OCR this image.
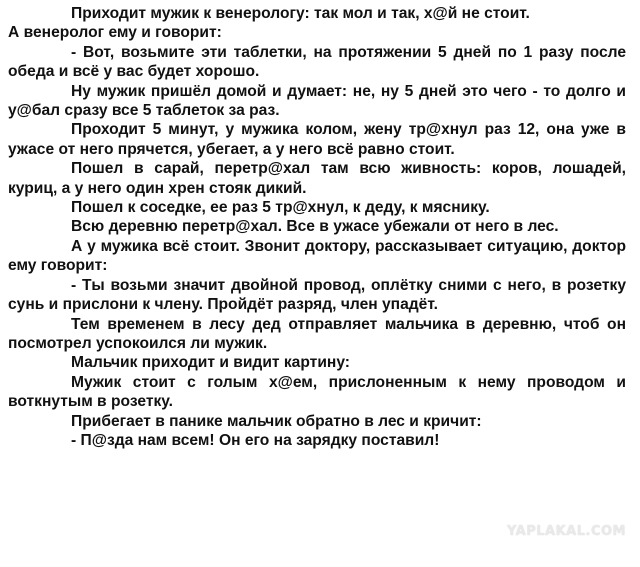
Приходит мужик к венерологу: так мол и так, х@й не стоит.

А венеролог ему и говорит:

- Вот, возьмите эти таблетки, на протяжении 5 дней по 1 разу после обеда и всё у вас будет хорошо.

Ну мужик пришёл домой и думает: не, ну 5 дней это чего - то долго и у@бал сразу все 5 таблеток за раз.

Проходит 5 минут, у мужика колом, жену тр@хнул раз 12, она уже в ужасе от него прячется, убегает, а у него всё равно стоит.

Пошел в сарай, перетр@хал там всю живность: коров, лошадей, куриц, а у него один хрен стояк дикий.

Пошел к соседке, ее раз 5 тр@хнул, к деду, к мяснику.

Всю деревню перетр@хал. Все в ужасе убежали от него в лес.

А у мужика всё стоит. Звонит доктору, рассказывает ситуацию, доктор ему говорит:

- Ты возьми значит двойной провод, оплётку сними с него, в розетку сунь и прислони к члену. Пройдёт разряд, член упадёт.

Тем временем в лесу дед отправляет мальчика в деревню, чтоб он посмотрел успокоился ли мужик.

Мальчик приходит и видит картину:

Мужик стоит с голым х@ем, прислоненным к нему проводом и воткнутым в розетку.

Прибегает в панике мальчик обратно в лес и кричит:

- П@зда нам всем! Он его на зарядку поставил!

YAPLAKAL.COM
